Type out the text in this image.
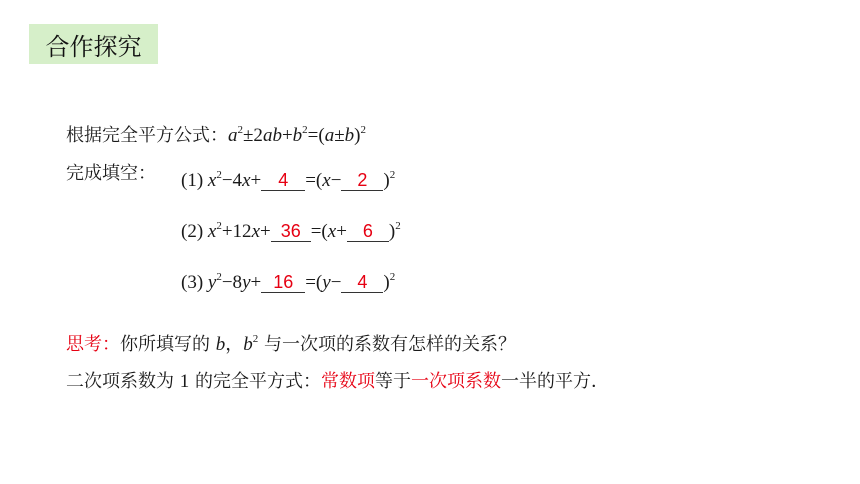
合作探究
根据完全平方公式：$a^2\pm 2ab+b^2=(a\pm b)^2$
完成填空： (1) $x^2-4x+ 4 =(x- 2$ )$^2$
(2) $x^2+12x+ 36 =(x+ 6$ )$^2$
(3) $y^2-8y+ 16 =(y- 4$ )$^2$
思考：你所填写的 b，$b^2$ 与一次项的系数有怎样的关系？
二次项系数为 1 的完全平方式：常数项等于一次项系数一半的平方．
